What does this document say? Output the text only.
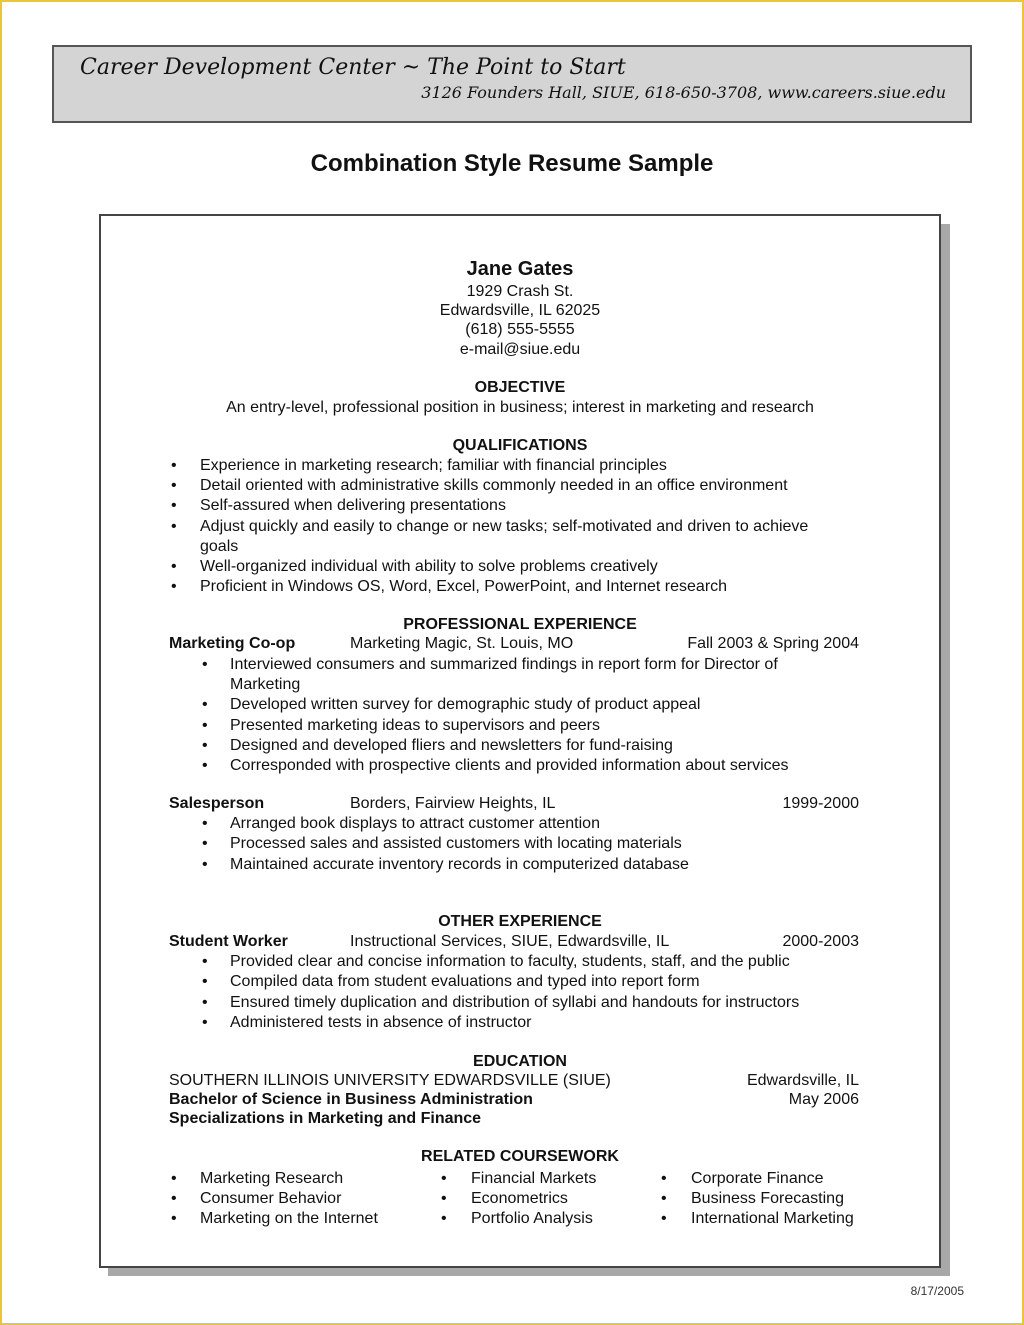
Career Development Center ~ The Point to Start
3126 Founders Hall, SIUE, 618-650-3708, www.careers.siue.edu
Combination Style Resume Sample
Jane Gates
1929 Crash St.
Edwardsville, IL 62025
(618) 555-5555
e-mail@siue.edu
OBJECTIVE
An entry-level, professional position in business; interest in marketing and research
QUALIFICATIONS
• Experience in marketing research; familiar with financial principles
• Detail oriented with administrative skills commonly needed in an office environment
• Self-assured when delivering presentations
• Adjust quickly and easily to change or new tasks; self-motivated and driven to achieve
goals
• Well-organized individual with ability to solve problems creatively
• Proficient in Windows OS, Word, Excel, PowerPoint, and Internet research
PROFESSIONAL EXPERIENCE
Marketing Co-op	Marketing Magic, St. Louis, MO	Fall 2003 & Spring 2004
• Interviewed consumers and summarized findings in report form for Director of
Marketing
• Developed written survey for demographic study of product appeal
• Presented marketing ideas to supervisors and peers
• Designed and developed fliers and newsletters for fund-raising
• Corresponded with prospective clients and provided information about services
Salesperson	Borders, Fairview Heights, IL	1999-2000
• Arranged book displays to attract customer attention
• Processed sales and assisted customers with locating materials
• Maintained accurate inventory records in computerized database
OTHER EXPERIENCE
Student Worker	Instructional Services, SIUE, Edwardsville, IL	2000-2003
• Provided clear and concise information to faculty, students, staff, and the public
• Compiled data from student evaluations and typed into report form
• Ensured timely duplication and distribution of syllabi and handouts for instructors
• Administered tests in absence of instructor
EDUCATION
SOUTHERN ILLINOIS UNIVERSITY EDWARDSVILLE (SIUE)	Edwardsville, IL
Bachelor of Science in Business Administration	May 2006
Specializations in Marketing and Finance
RELATED COURSEWORK
• Marketing Research
• Consumer Behavior
• Marketing on the Internet
• Financial Markets
• Econometrics
• Portfolio Analysis
• Corporate Finance
• Business Forecasting
• International Marketing
8/17/2005
